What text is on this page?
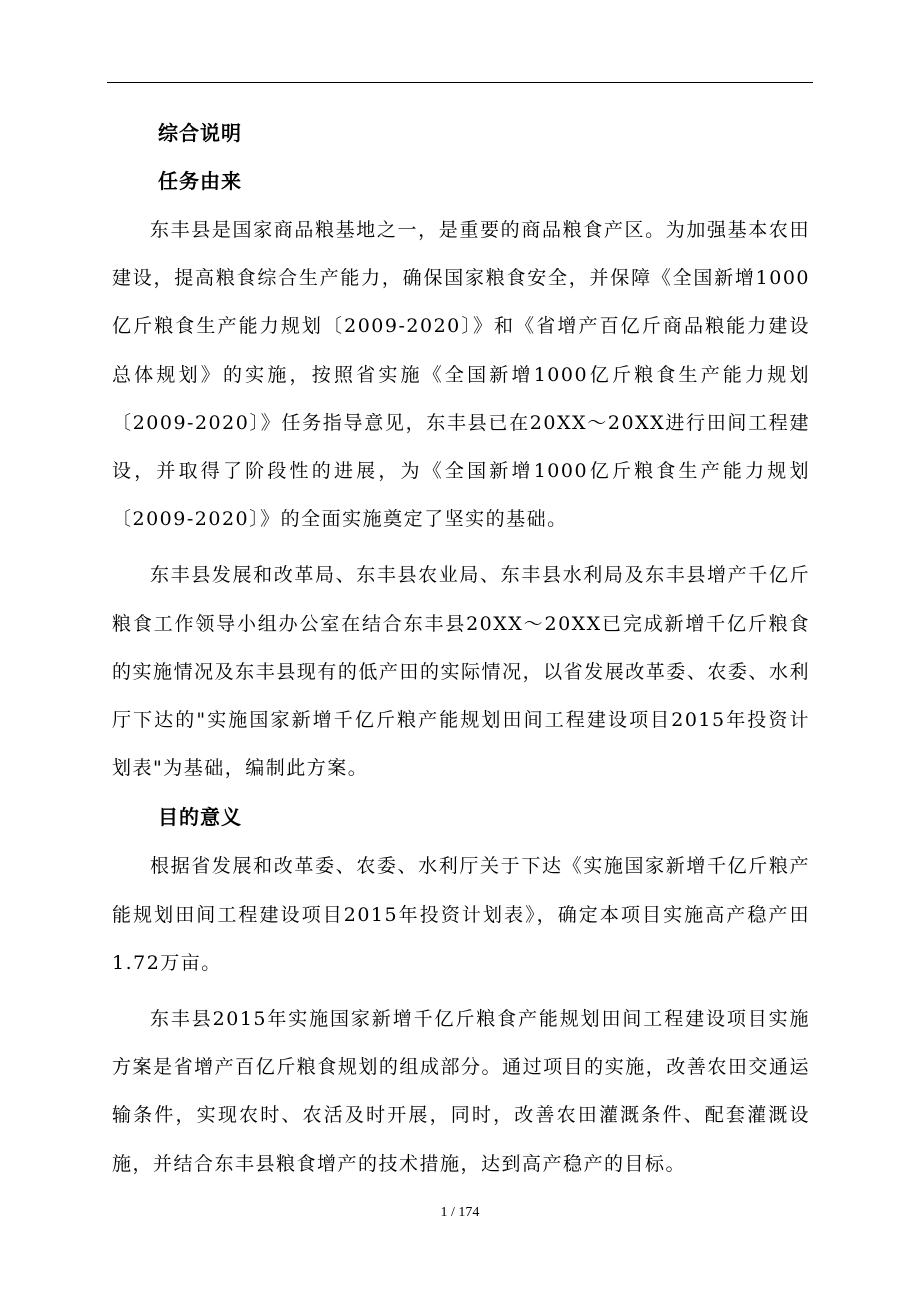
综合说明
任务由来

东丰县是国家商品粮基地之一，是重要的商品粮食产区。为加强基本农田建设，提高粮食综合生产能力，确保国家粮食安全，并保障《全国新增1000亿斤粮食生产能力规划〔2009-2020〕》和《省增产百亿斤商品粮能力建设总体规划》的实施，按照省实施《全国新增1000亿斤粮食生产能力规划〔2009-2020〕》任务指导意见，东丰县已在20XX～20XX进行田间工程建设，并取得了阶段性的进展，为《全国新增1000亿斤粮食生产能力规划〔2009-2020〕》的全面实施奠定了坚实的基础。

东丰县发展和改革局、东丰县农业局、东丰县水利局及东丰县增产千亿斤粮食工作领导小组办公室在结合东丰县20XX～20XX已完成新增千亿斤粮食的实施情况及东丰县现有的低产田的实际情况，以省发展改革委、农委、水利厅下达的"实施国家新增千亿斤粮产能规划田间工程建设项目2015年投资计划表"为基础，编制此方案。

目的意义

根据省发展和改革委、农委、水利厅关于下达《实施国家新增千亿斤粮产能规划田间工程建设项目2015年投资计划表》，确定本项目实施高产稳产田1.72万亩。

东丰县2015年实施国家新增千亿斤粮食产能规划田间工程建设项目实施方案是省增产百亿斤粮食规划的组成部分。通过项目的实施，改善农田交通运输条件，实现农时、农活及时开展，同时，改善农田灌溉条件、配套灌溉设施，并结合东丰县粮食增产的技术措施，达到高产稳产的目标。

1 / 174
